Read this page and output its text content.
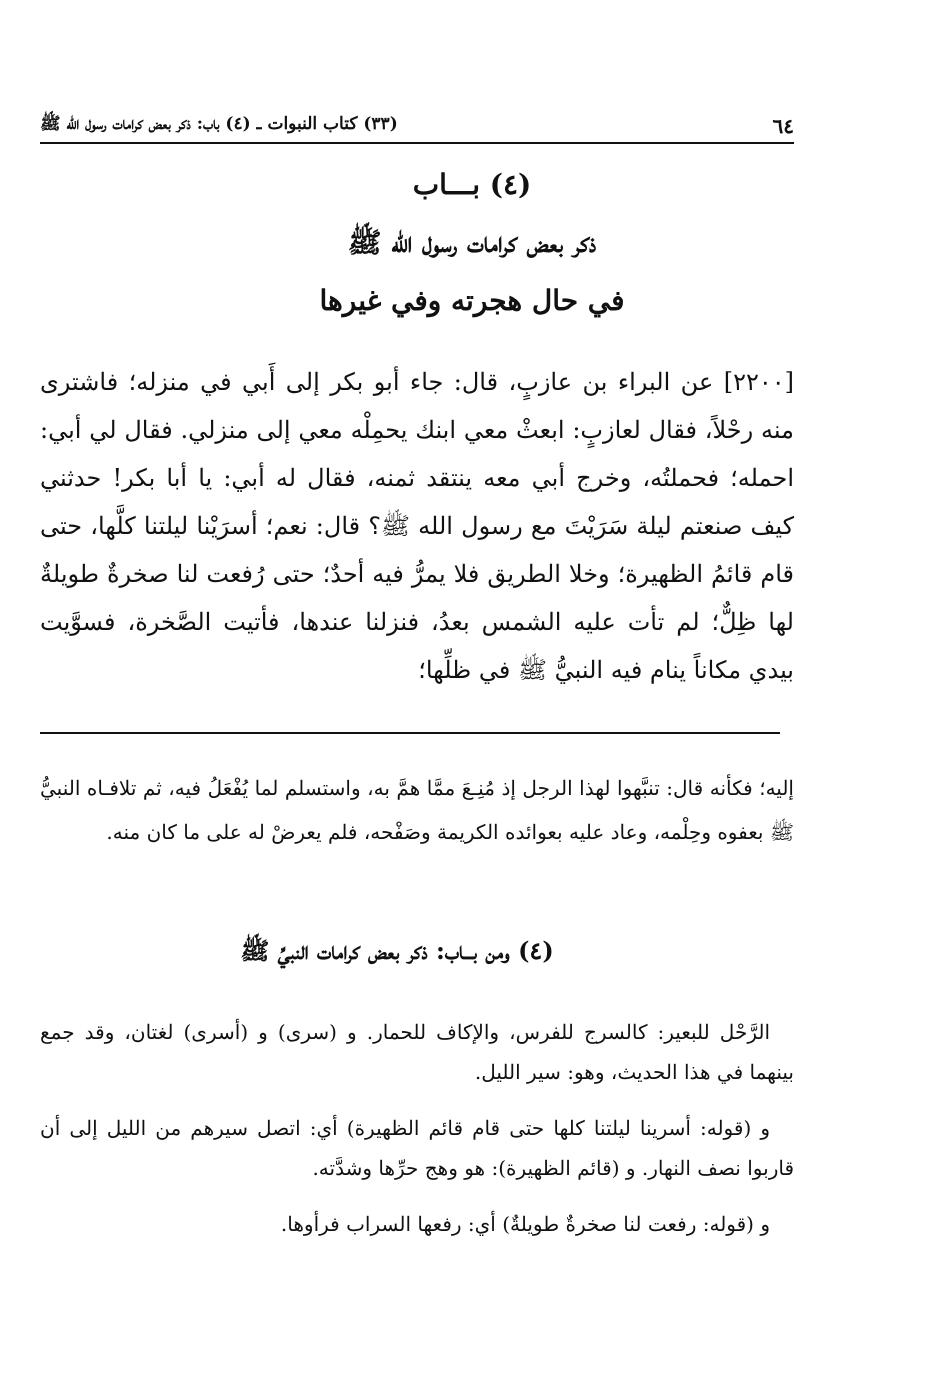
٦٤
(٣٣) كتاب النبوات ـ (٤) باب: ذكر بعض كرامات رسول الله ﷺ
(٤) بـــاب
ذكر بعض كرامات رسول الله ﷺ
في حال هجرته وفي غيرها

[٢٢٠٠] عن البراء بن عازبٍ، قال: جاء أبو بكر إلى أَبي في منزله؛ فاشترى منه رحْلاً، فقال لعازبٍ: ابعثْ معي ابنك يحمِلْه معي إلى منزلي. فقال لي أبي: احمله؛ فحملتُه، وخرج أبي معه ينتقد ثمنه، فقال له أبي: يا أبا بكر! حدثني كيف صنعتم ليلة سَرَيْتَ مع رسول الله ﷺ؟ قال: نعم؛ أسرَيْنا ليلتنا كلَّها، حتى قام قائمُ الظهيرة؛ وخلا الطريق فلا يمرُّ فيه أحدٌ؛ حتى رُفعت لنا صخرةٌ طويلةٌ لها ظِلٌّ؛ لم تأت عليه الشمس بعدُ، فنزلنا عندها، فأتيت الصَّخرة، فسوَّيت بيدي مكاناً ينام فيه النبيُّ ﷺ في ظلِّها؛

إليه؛ فكأنه قال: تنبَّهوا لهذا الرجل إذ مُنِـعَ ممَّا همَّ به، واستسلم لما يُفْعَلُ فيه، ثم تلافـاه النبيُّ ﷺ بعفوه وحِلْمه، وعاد عليه بعوائده الكريمة وصَفْحه، فلم يعرضْ له على ما كان منه.

(٤) ومن بـــاب: ذكر بعض كرامات النبيِّ ﷺ

الرَّحْل للبعير: كالسرج للفرس، والإكاف للحمار. و (سرى) و (أسرى) لغتان، وقد جمع بينهما في هذا الحديث، وهو: سير الليل.

و (قوله: أسرينا ليلتنا كلها حتى قام قائم الظهيرة) أي: اتصل سيرهم من الليل إلى أن قاربوا نصف النهار. و (قائم الظهيرة): هو وهج حرِّها وشدَّته.

و (قوله: رفعت لنا صخرةٌ طويلةٌ) أي: رفعها السراب فرأوها.
